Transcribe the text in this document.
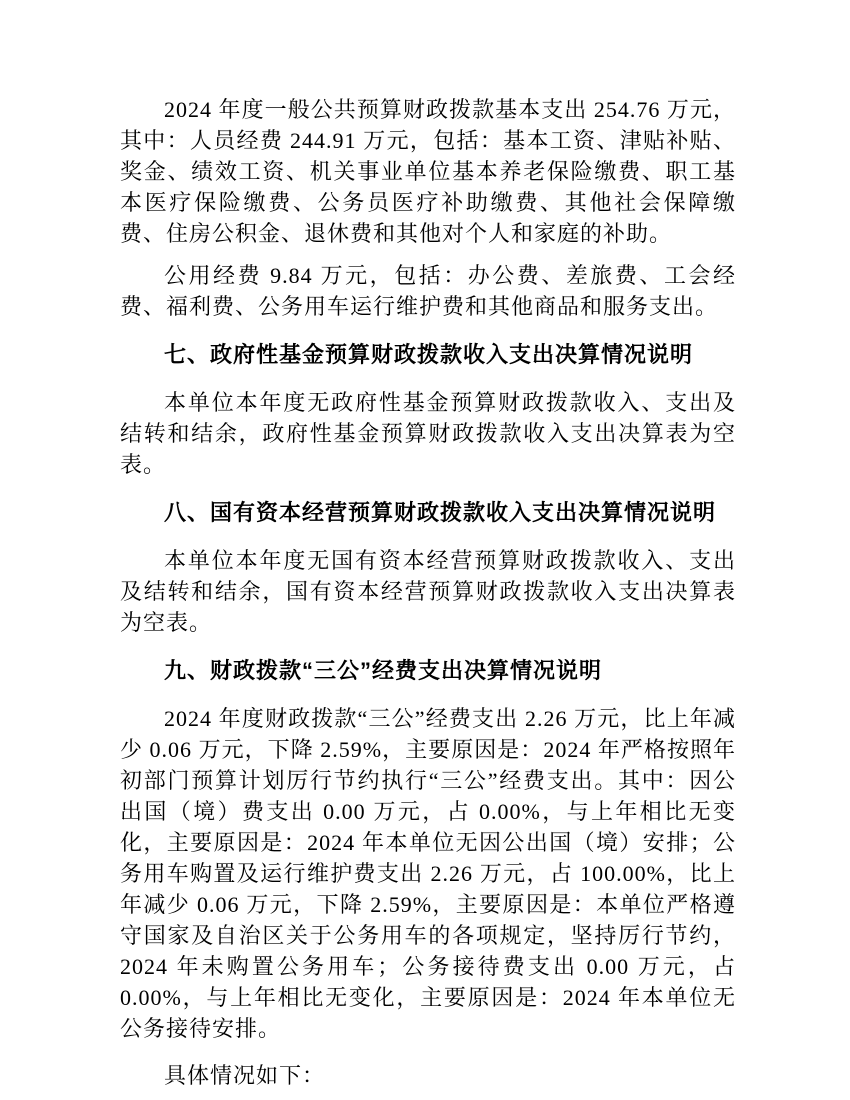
2024 年度一般公共预算财政拨款基本支出 254.76 万元，其中：人员经费 244.91 万元，包括：基本工资、津贴补贴、奖金、绩效工资、机关事业单位基本养老保险缴费、职工基本医疗保险缴费、公务员医疗补助缴费、其他社会保障缴费、住房公积金、退休费和其他对个人和家庭的补助。

公用经费 9.84 万元，包括：办公费、差旅费、工会经费、福利费、公务用车运行维护费和其他商品和服务支出。

七、政府性基金预算财政拨款收入支出决算情况说明

本单位本年度无政府性基金预算财政拨款收入、支出及结转和结余，政府性基金预算财政拨款收入支出决算表为空表。

八、国有资本经营预算财政拨款收入支出决算情况说明

本单位本年度无国有资本经营预算财政拨款收入、支出及结转和结余，国有资本经营预算财政拨款收入支出决算表为空表。

九、财政拨款“三公”经费支出决算情况说明

2024 年度财政拨款“三公”经费支出 2.26 万元，比上年减少 0.06 万元，下降 2.59%，主要原因是：2024 年严格按照年初部门预算计划厉行节约执行“三公”经费支出。其中：因公出国（境）费支出 0.00 万元，占 0.00%，与上年相比无变化，主要原因是：2024 年本单位无因公出国（境）安排；公务用车购置及运行维护费支出 2.26 万元，占 100.00%，比上年减少 0.06 万元，下降 2.59%，主要原因是：本单位严格遵守国家及自治区关于公务用车的各项规定，坚持厉行节约，2024 年未购置公务用车；公务接待费支出 0.00 万元，占 0.00%，与上年相比无变化，主要原因是：2024 年本单位无公务接待安排。

具体情况如下：
